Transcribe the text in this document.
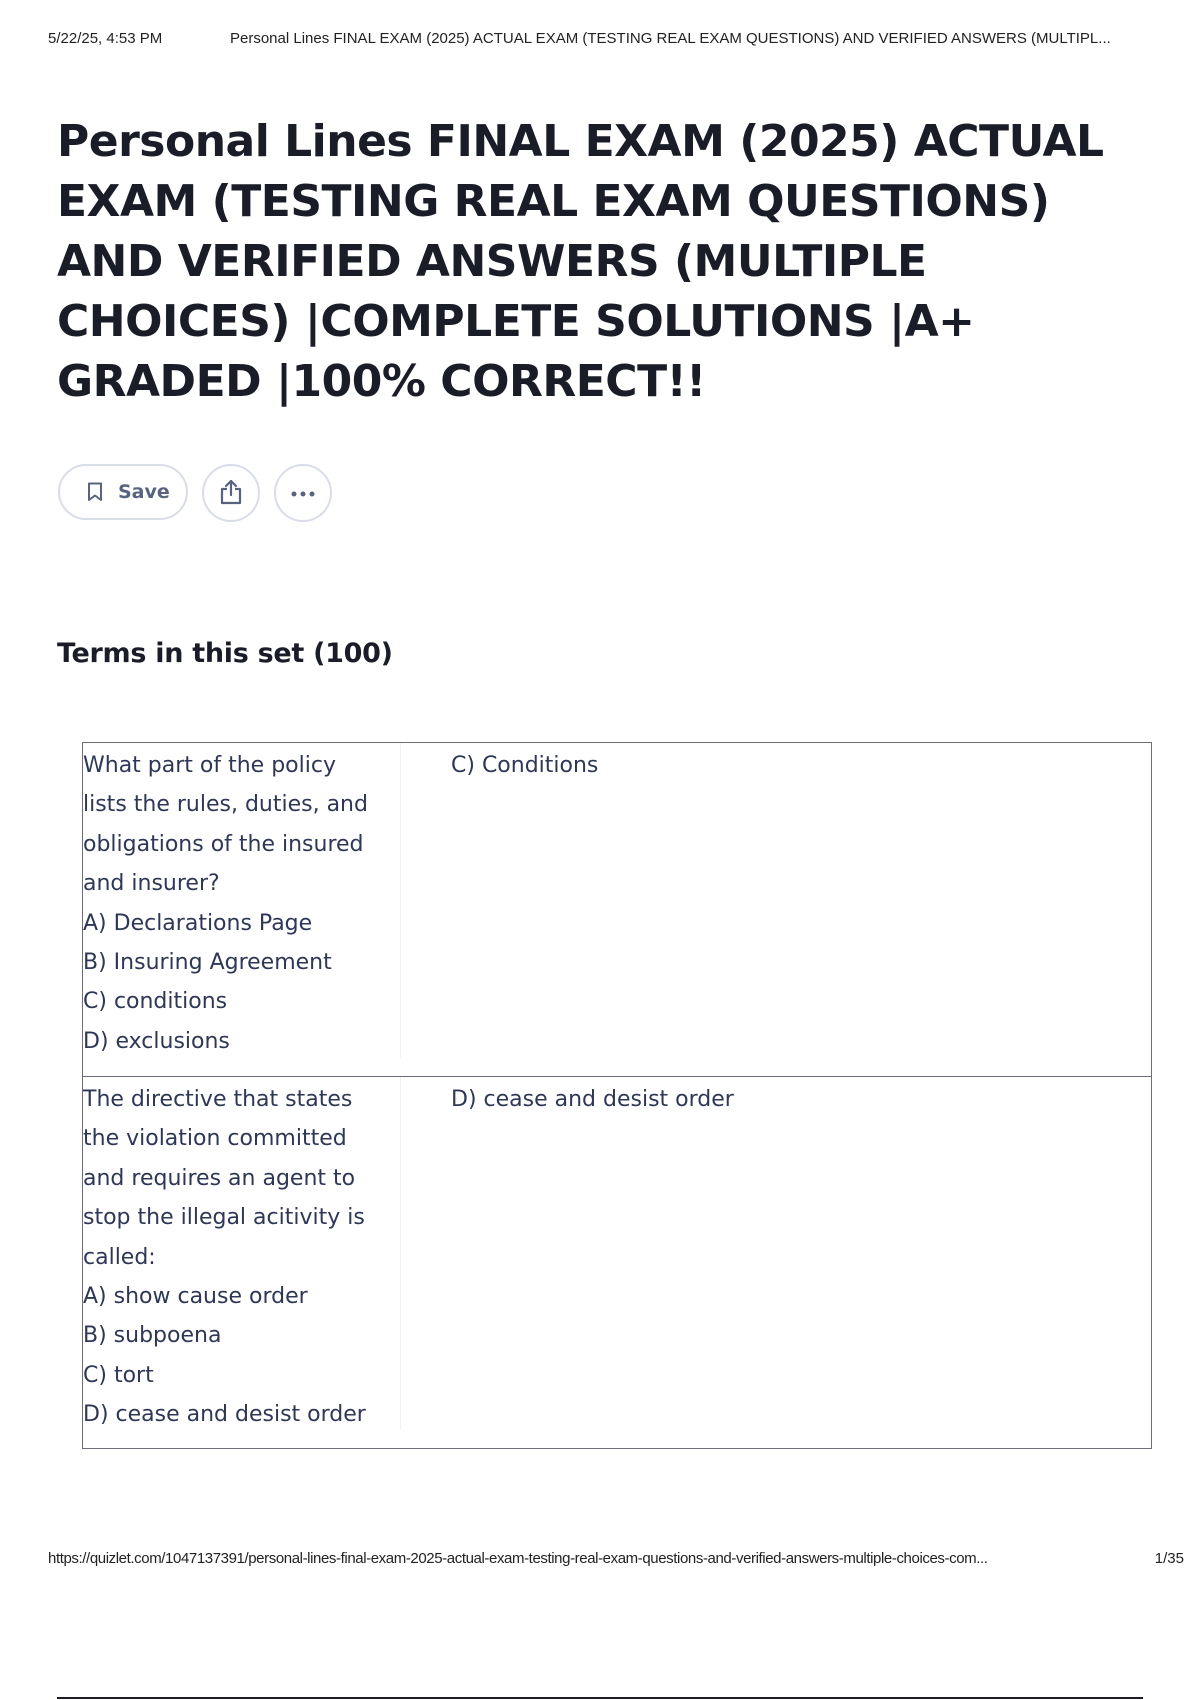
5/22/25, 4:53 PM	Personal Lines FINAL EXAM (2025) ACTUAL EXAM (TESTING REAL EXAM QUESTIONS) AND VERIFIED ANSWERS (MULTIPL...
Personal Lines FINAL EXAM (2025) ACTUAL EXAM (TESTING REAL EXAM QUESTIONS) AND VERIFIED ANSWERS (MULTIPLE CHOICES) |COMPLETE SOLUTIONS |A+ GRADED |100% CORRECT!!
Save
Terms in this set (100)
What part of the policy
lists the rules, duties, and
obligations of the insured
and insurer?
A) Declarations Page
B) Insuring Agreement
C) conditions
D) exclusions
C) Conditions
The directive that states
the violation committed
and requires an agent to
stop the illegal acitivity is
called:
A) show cause order
B) subpoena
C) tort
D) cease and desist order
D) cease and desist order
https://quizlet.com/1047137391/personal-lines-final-exam-2025-actual-exam-testing-real-exam-questions-and-verified-answers-multiple-choices-com...	1/35
